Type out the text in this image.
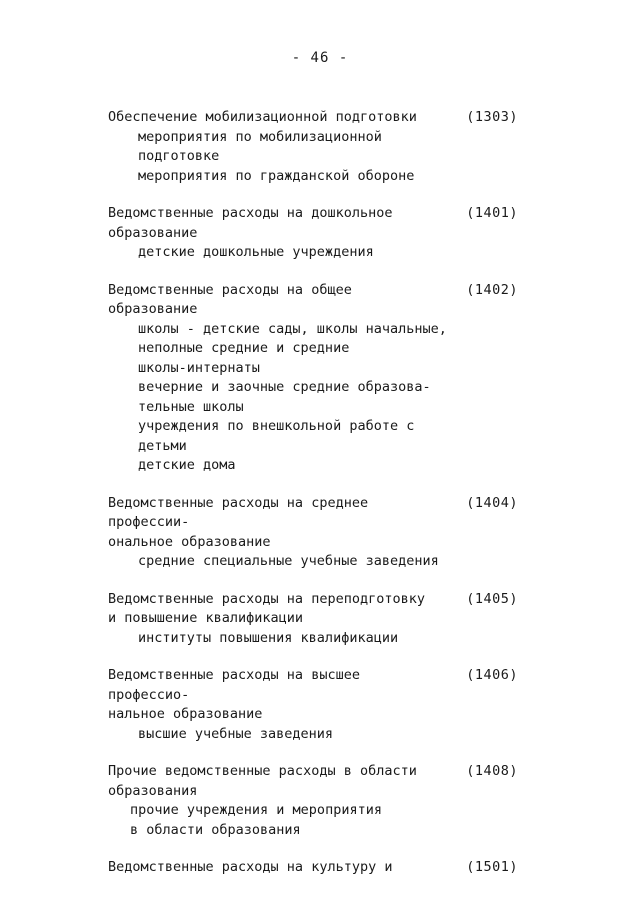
- 46 -
Обеспечение мобилизационной подготовки	(1303)
мероприятия по мобилизационной
подготовке
мероприятия по гражданской обороне
Ведомственные расходы на дошкольное
образование
(1401)
детские дошкольные учреждения
Ведомственные расходы на общее образование
(1402)
школы - детские сады, школы начальные,
неполные средние и средние
школы-интернаты
вечерние и заочные средние образова-
тельные школы
учреждения по внешкольной работе с
детьми
детские дома
Ведомственные расходы на среднее профессии-
ональное образование
(1404)
средние специальные учебные заведения
Ведомственные расходы на переподготовку
и повышение квалификации
(1405)
институты повышения квалификации
Ведомственные расходы на высшее профессио-
нальное образование
(1406)
высшие учебные заведения
Прочие ведомственные расходы в области
образования
(1408)
прочие учреждения и мероприятия
в области образования
Ведомственные расходы на культуру и	(1501)
